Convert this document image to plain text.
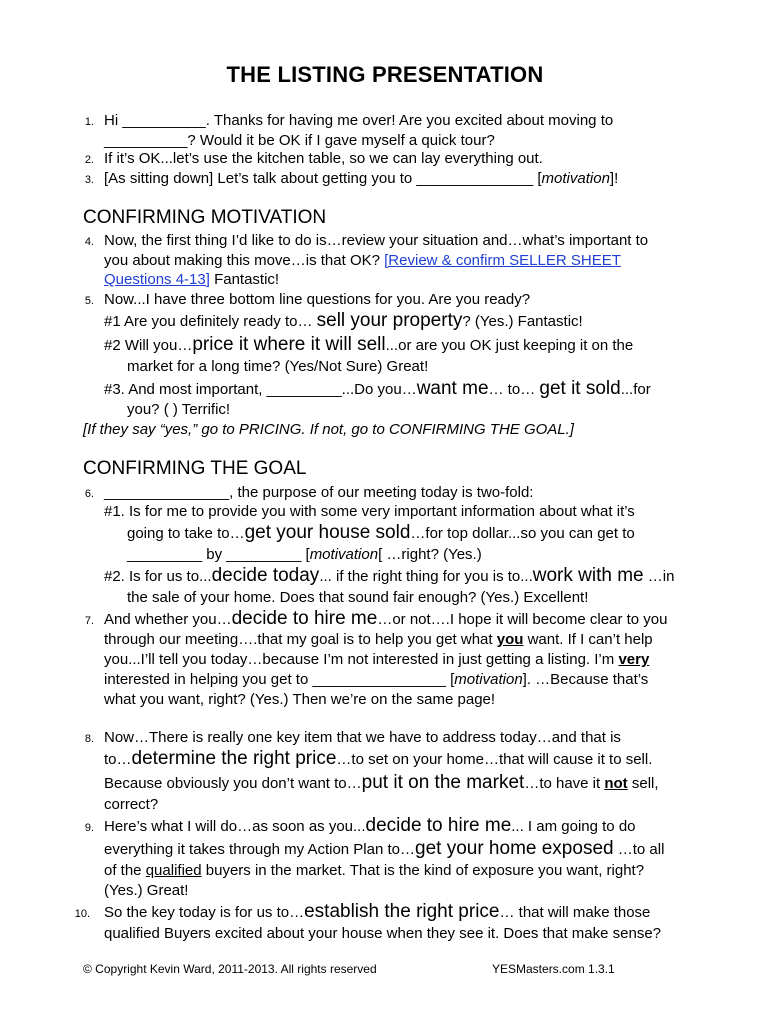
THE LISTING PRESENTATION
1. Hi __________. Thanks for having me over! Are you excited about moving to
__________? Would it be OK if I gave myself a quick tour?
2. If it’s OK...let’s use the kitchen table, so we can lay everything out.
3. [As sitting down] Let’s talk about getting you to ______________ [motivation]!
CONFIRMING MOTIVATION
4. Now, the first thing I’d like to do is…review your situation and…what’s important to
you about making this move…is that OK? [Review & confirm SELLER SHEET
Questions 4-13] Fantastic!
5. Now...I have three bottom line questions for you. Are you ready?
#1 Are you definitely ready to… sell your property? (Yes.) Fantastic!
#2 Will you…price it where it will sell...or are you OK just keeping it on the
market for a long time? (Yes/Not Sure) Great!
#3. And most important, _________...Do you…want me… to… get it sold...for
you? ( ) Terrific!
[If they say “yes,” go to PRICING. If not, go to CONFIRMING THE GOAL.]
CONFIRMING THE GOAL
6. _______________, the purpose of our meeting today is two-fold:
#1. Is for me to provide you with some very important information about what it’s
going to take to…get your house sold…for top dollar...so you can get to
_________ by _________ [motivation[ …right? (Yes.)
#2. Is for us to...decide today... if the right thing for you is to...work with me …in
the sale of your home. Does that sound fair enough? (Yes.) Excellent!
7. And whether you…decide to hire me…or not….I hope it will become clear to you
through our meeting….that my goal is to help you get what you want. If I can’t help
you...I’ll tell you today…because I’m not interested in just getting a listing. I’m very
interested in helping you get to ________________ [motivation]. …Because that’s
what you want, right? (Yes.) Then we’re on the same page!
8. Now…There is really one key item that we have to address today…and that is
to…determine the right price…to set on your home…that will cause it to sell.
Because obviously you don’t want to…put it on the market…to have it not sell,
correct?
9. Here’s what I will do…as soon as you...decide to hire me... I am going to do
everything it takes through my Action Plan to…get your home exposed …to all
of the qualified buyers in the market. That is the kind of exposure you want, right?
(Yes.) Great!
10. So the key today is for us to…establish the right price… that will make those
qualified Buyers excited about your house when they see it. Does that make sense?
© Copyright Kevin Ward, 2011-2013. All rights reserved	YESMasters.com 1.3.1
